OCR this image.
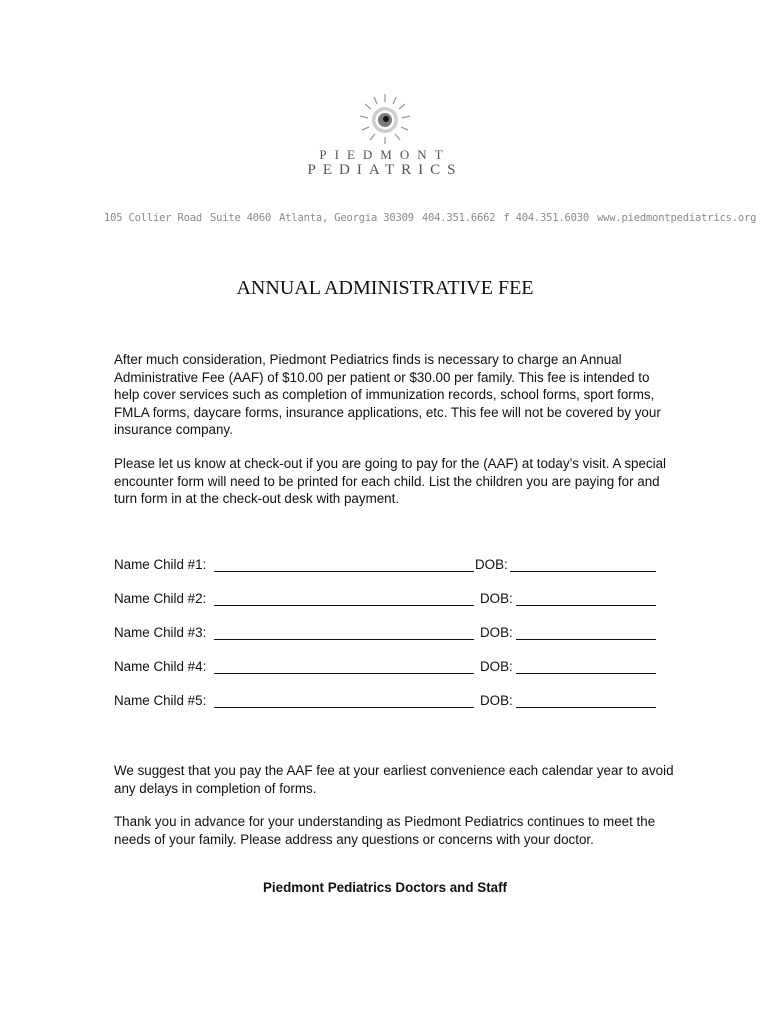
PIEDMONT
PEDIATRICS
105 Collier Road Suite 4060 Atlanta, Georgia 30309 404.351.6662 f 404.351.6030 www.piedmontpediatrics.org
ANNUAL ADMINISTRATIVE FEE
After much consideration, Piedmont Pediatrics finds is necessary to charge an Annual Administrative Fee (AAF) of $10.00 per patient or $30.00 per family. This fee is intended to help cover services such as completion of immunization records, school forms, sport forms, FMLA forms, daycare forms, insurance applications, etc. This fee will not be covered by your insurance company.
Please let us know at check-out if you are going to pay for the (AAF) at today’s visit. A special encounter form will need to be printed for each child. List the children you are paying for and turn form in at the check-out desk with payment.
Name Child #1:	DOB:
Name Child #2:	DOB:
Name Child #3:	DOB:
Name Child #4:	DOB:
Name Child #5:	DOB:
We suggest that you pay the AAF fee at your earliest convenience each calendar year to avoid any delays in completion of forms.
Thank you in advance for your understanding as Piedmont Pediatrics continues to meet the needs of your family. Please address any questions or concerns with your doctor.
Piedmont Pediatrics Doctors and Staff
